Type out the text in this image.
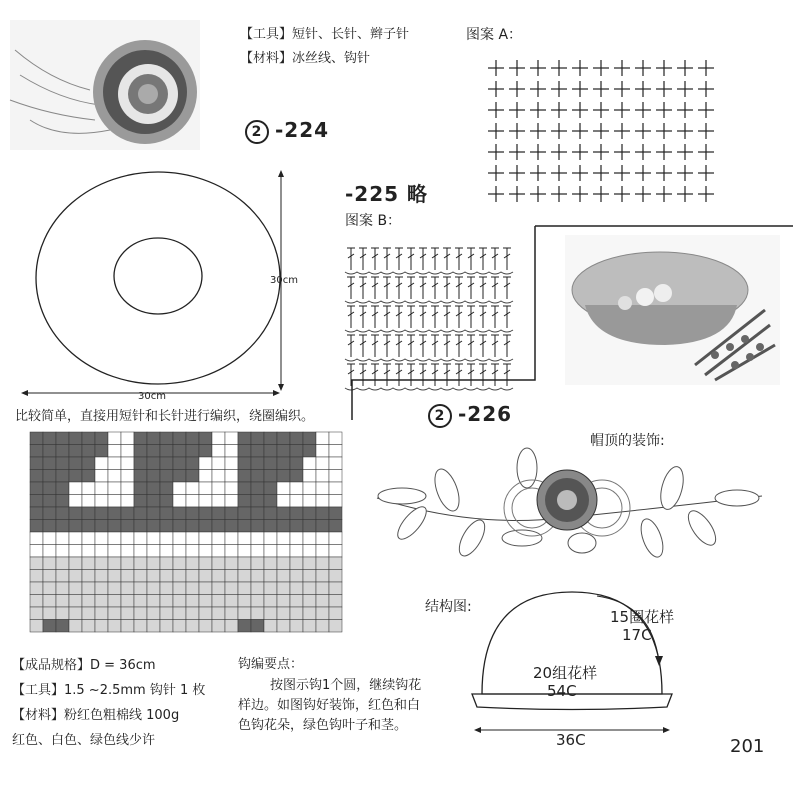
【工具】短针、长针、辫子针
【材料】冰丝线、钩针
图案 A：
2 -224
30cm
30cm
-225 略
图案 B：
2 -226
比较简单，直接用短针和长针进行编织，绕圈编织。
帽顶的装饰:
结构图:
15圈花样
17C
20组花样
54C
36C
【成品规格】D = 36cm
【工具】1.5 ~2.5mm 钩针 1 枚
【材料】粉红色粗棉线 100g
红色、白色、绿色线少许
钩编要点：
按图示钩1个圆，继续钩花
样边。如图钩好装饰，红色和白
色钩花朵，绿色钩叶子和茎。
201
